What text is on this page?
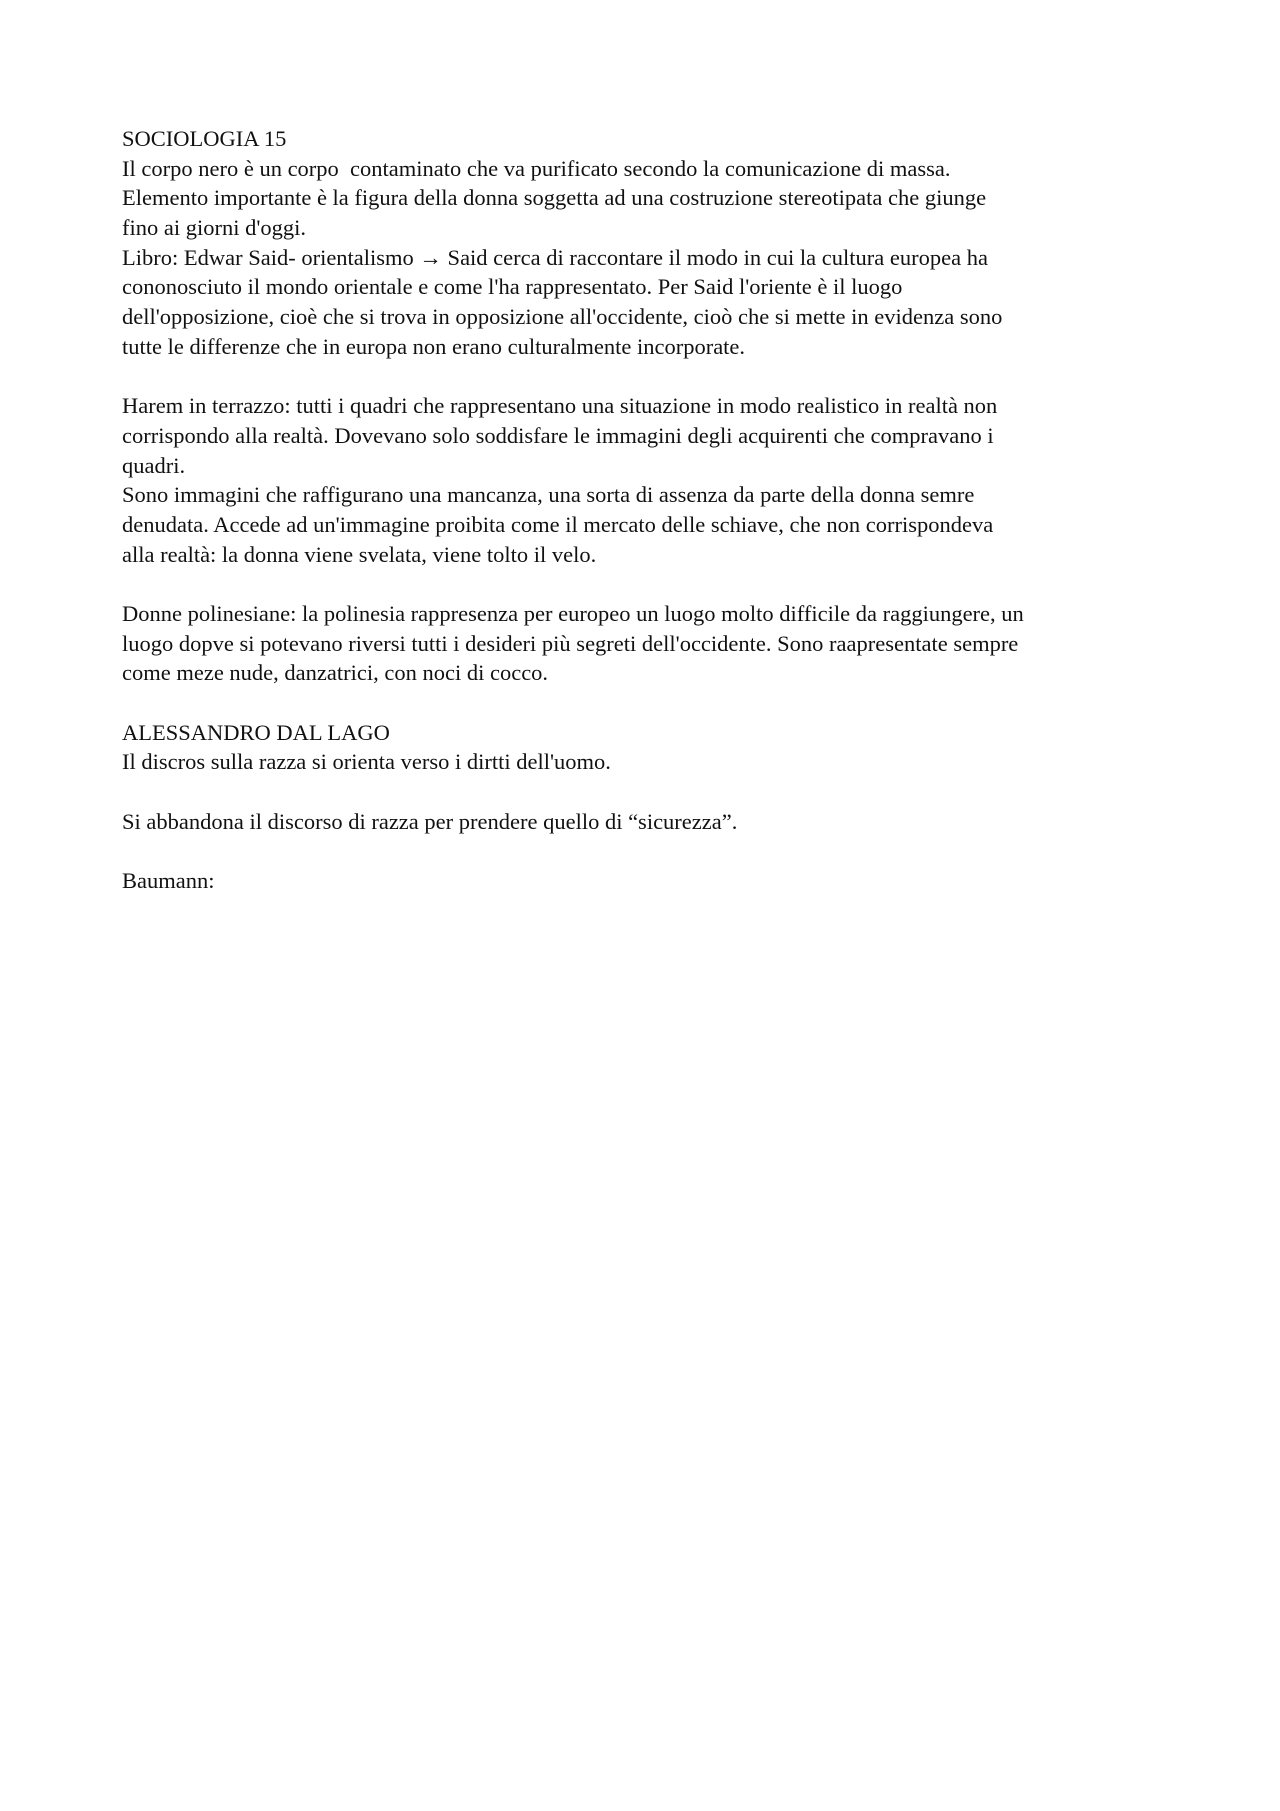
SOCIOLOGIA 15
Il corpo nero è un corpo  contaminato che va purificato secondo la comunicazione di massa.
Elemento importante è la figura della donna soggetta ad una costruzione stereotipata che giunge
fino ai giorni d'oggi.
Libro: Edwar Said- orientalismo → Said cerca di raccontare il modo in cui la cultura europea ha
cononosciuto il mondo orientale e come l'ha rappresentato. Per Said l'oriente è il luogo
dell'opposizione, cioè che si trova in opposizione all'occidente, cioò che si mette in evidenza sono
tutte le differenze che in europa non erano culturalmente incorporate.
Harem in terrazzo: tutti i quadri che rappresentano una situazione in modo realistico in realtà non
corrispondo alla realtà. Dovevano solo soddisfare le immagini degli acquirenti che compravano i
quadri.
Sono immagini che raffigurano una mancanza, una sorta di assenza da parte della donna semre
denudata. Accede ad un'immagine proibita come il mercato delle schiave, che non corrispondeva
alla realtà: la donna viene svelata, viene tolto il velo.
Donne polinesiane: la polinesia rappresenza per europeo un luogo molto difficile da raggiungere, un
luogo dopve si potevano riversi tutti i desideri più segreti dell'occidente. Sono raapresentate sempre
come meze nude, danzatrici, con noci di cocco.
ALESSANDRO DAL LAGO
Il discros sulla razza si orienta verso i dirtti dell'uomo.
Si abbandona il discorso di razza per prendere quello di “sicurezza”.
Baumann:
